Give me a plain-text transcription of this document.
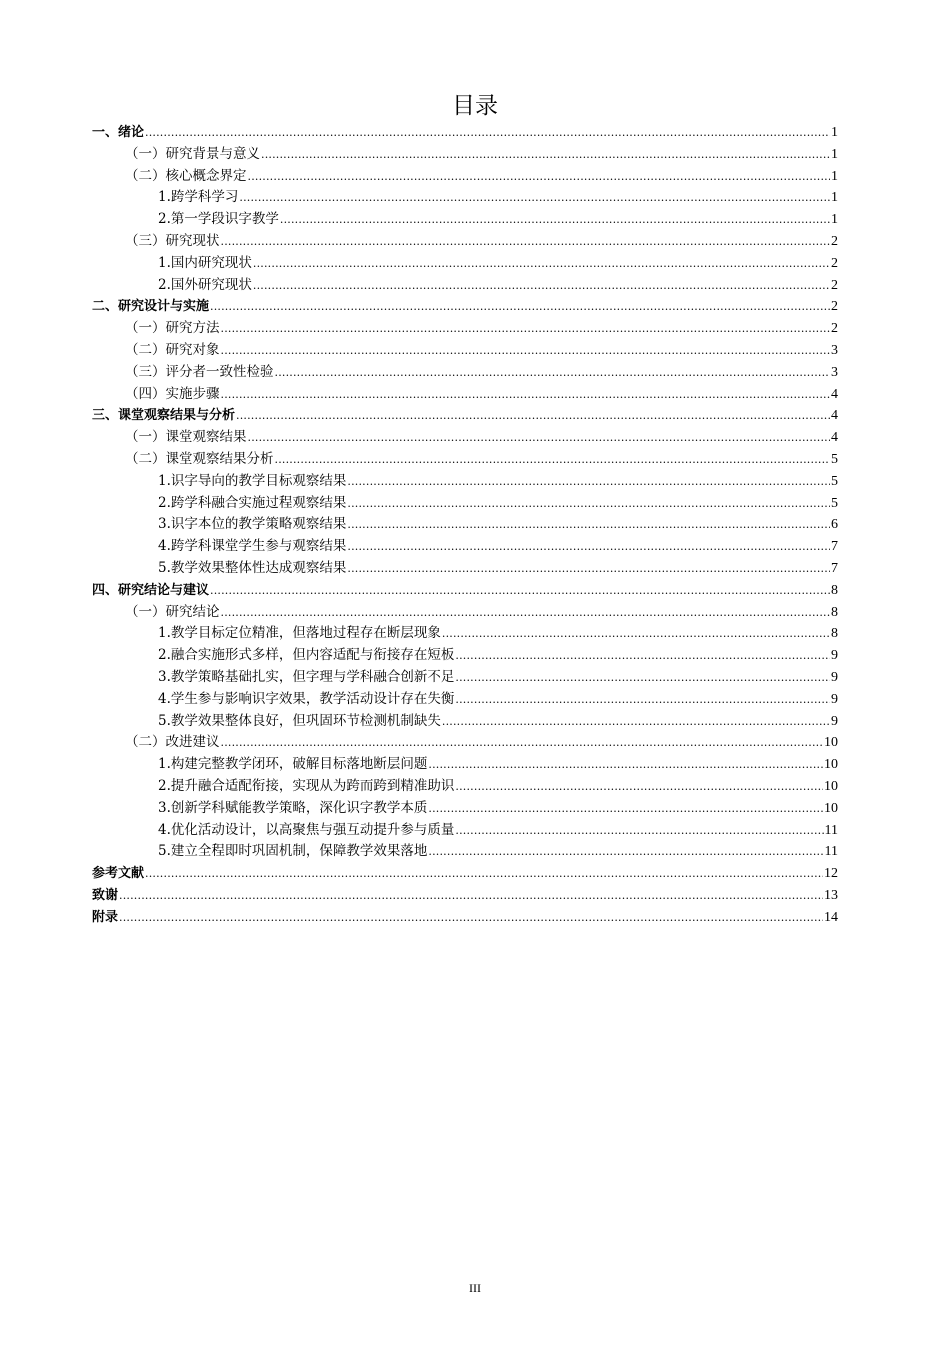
目录
一、绪论 .....	1
（一）研究背景与意义 .....	1
（二）核心概念界定 .....	1
1.跨学科学习 .....	1
2.第一学段识字教学 .....	1
（三）研究现状 .....	2
1.国内研究现状 .....	2
2.国外研究现状 .....	2
二、研究设计与实施 .....	2
（一）研究方法 .....	2
（二）研究对象 .....	3
（三）评分者一致性检验 .....	3
（四）实施步骤 .....	4
三、课堂观察结果与分析 .....	4
（一）课堂观察结果 .....	4
（二）课堂观察结果分析 .....	5
1.识字导向的教学目标观察结果 .....	5
2.跨学科融合实施过程观察结果 .....	5
3.识字本位的教学策略观察结果 .....	6
4.跨学科课堂学生参与观察结果 .....	7
5.教学效果整体性达成观察结果 .....	7
四、研究结论与建议 .....	8
（一）研究结论 .....	8
1.教学目标定位精准，但落地过程存在断层现象 .....	8
2.融合实施形式多样，但内容适配与衔接存在短板 .....	9
3.教学策略基础扎实，但字理与学科融合创新不足 .....	9
4.学生参与影响识字效果，教学活动设计存在失衡 .....	9
5.教学效果整体良好，但巩固环节检测机制缺失 .....	9
（二）改进建议 .....	10
1.构建完整教学闭环，破解目标落地断层问题 .....	10
2.提升融合适配衔接，实现从为跨而跨到精准助识 .....	10
3.创新学科赋能教学策略，深化识字教学本质 .....	10
4.优化活动设计，以高聚焦与强互动提升参与质量 .....	11
5.建立全程即时巩固机制，保障教学效果落地 .....	11
参考文献 .....	12
致谢 .....	13
附录 .....	14
III
